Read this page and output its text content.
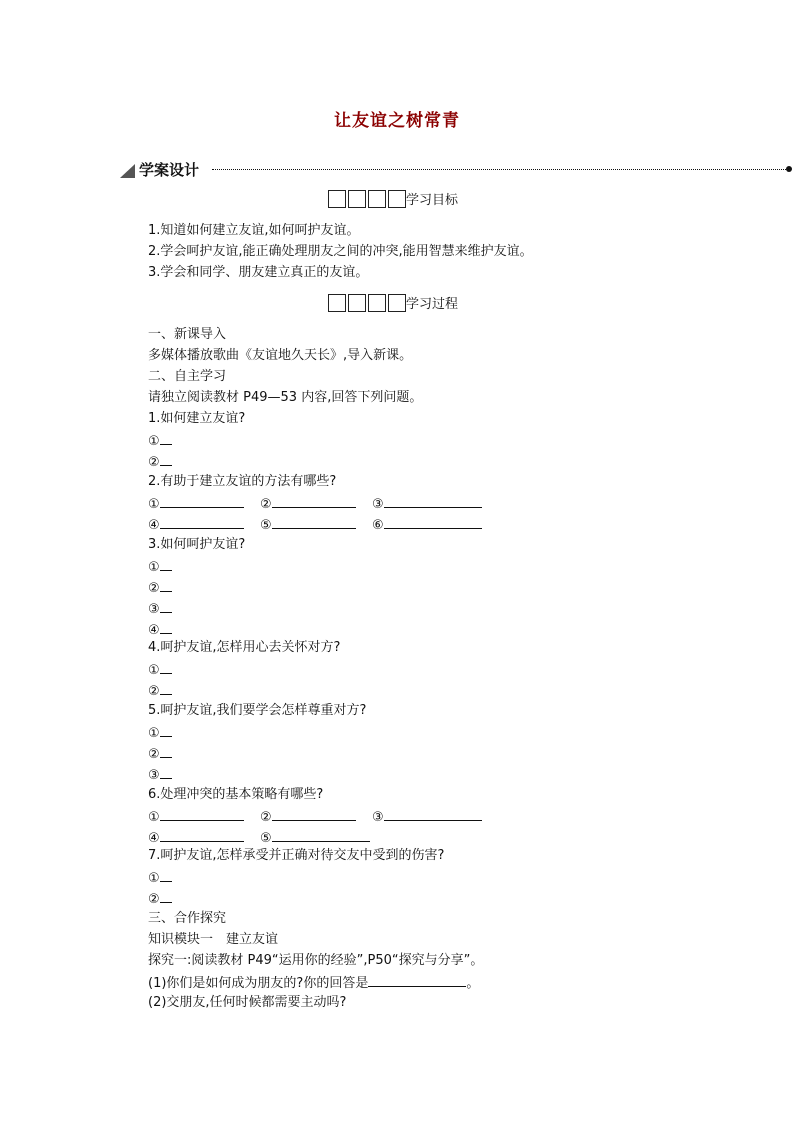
让友谊之树常青
学案设计
学习目标
1.知道如何建立友谊,如何呵护友谊。
2.学会呵护友谊,能正确处理朋友之间的冲突,能用智慧来维护友谊。
3.学会和同学、朋友建立真正的友谊。
学习过程
一、新课导入
多媒体播放歌曲《友谊地久天长》,导入新课。
二、自主学习
请独立阅读教材 P49—53 内容,回答下列问题。
1.如何建立友谊?
①
②
2.有助于建立友谊的方法有哪些?
①	②	③
④	⑤	⑥
3.如何呵护友谊?
①
②
③
④
4.呵护友谊,怎样用心去关怀对方?
①
②
5.呵护友谊,我们要学会怎样尊重对方?
①
②
③
6.处理冲突的基本策略有哪些?
①	②	③
④	⑤
7.呵护友谊,怎样承受并正确对待交友中受到的伤害?
①
②
三、合作探究
知识模块一　建立友谊
探究一:阅读教材 P49“运用你的经验”,P50“探究与分享”。
(1)你们是如何成为朋友的?你的回答是	。
(2)交朋友,任何时候都需要主动吗?
